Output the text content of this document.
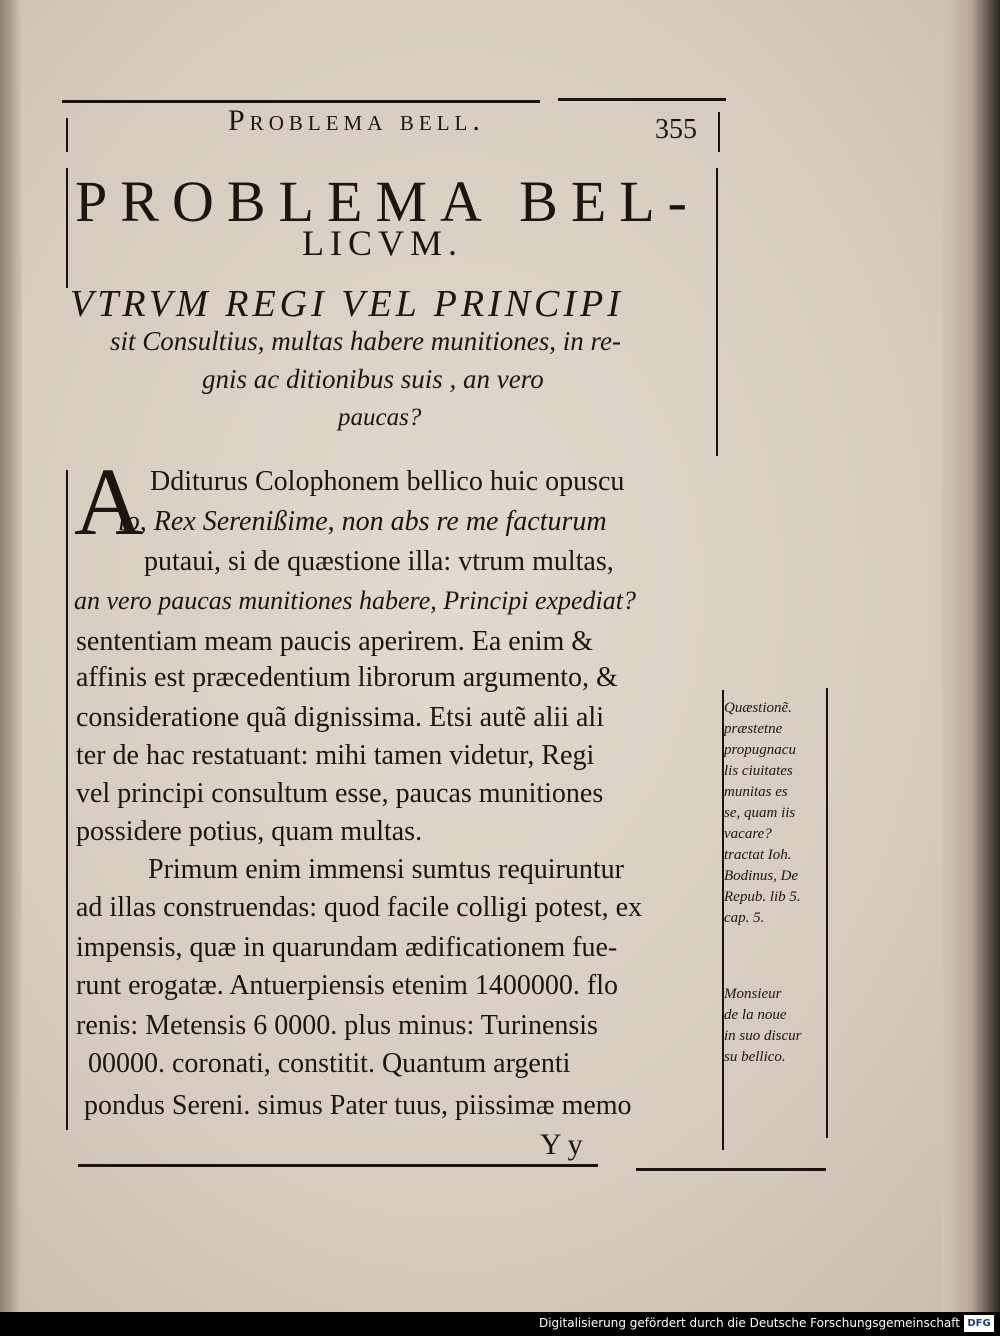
Problema bell.	355
PROBLEMA BEL-
LICVM.
VTRVM REGI VEL PRINCIPI
sit Consultius, multas habere munitiones, in re-
gnis ac ditionibus suis , an vero
paucas?
A Dditurus Colophonem bellico huic opuscu
lo, Rex Serenißime, non abs re me facturum
putaui, si de quæstione illa: vtrum multas,
an vero paucas munitiones habere, Principi expediat?
sententiam meam paucis aperirem. Ea enim &
affinis est præcedentium librorum argumento, &
consideratione quã dignissima. Etsi autẽ alii ali
ter de hac restatuant: mihi tamen videtur, Regi
vel principi consultum esse, paucas munitiones
possidere potius, quam multas.
Primum enim immensi sumtus requiruntur
ad illas construendas: quod facile colligi potest, ex
impensis, quæ in quarundam ædificationem fue-
runt erogatæ. Antuerpiensis etenim 1400000. flo
renis: Metensis 6 0000. plus minus: Turinensis
00000. coronati, constitit. Quantum argenti
pondus Sereni. simus Pater tuus, piissimæ memo
Quæstionẽ.
præstetne
propugnacu
lis ciuitates
munitas es
se, quam iis
vacare?
tractat Ioh.
Bodinus, De
Repub. lib 5.
cap. 5.
Monsieur
de la noue
in suo discur
su bellico.
Yy
Digitalisierung gefördert durch die Deutsche Forschungsgemeinschaft DFG
